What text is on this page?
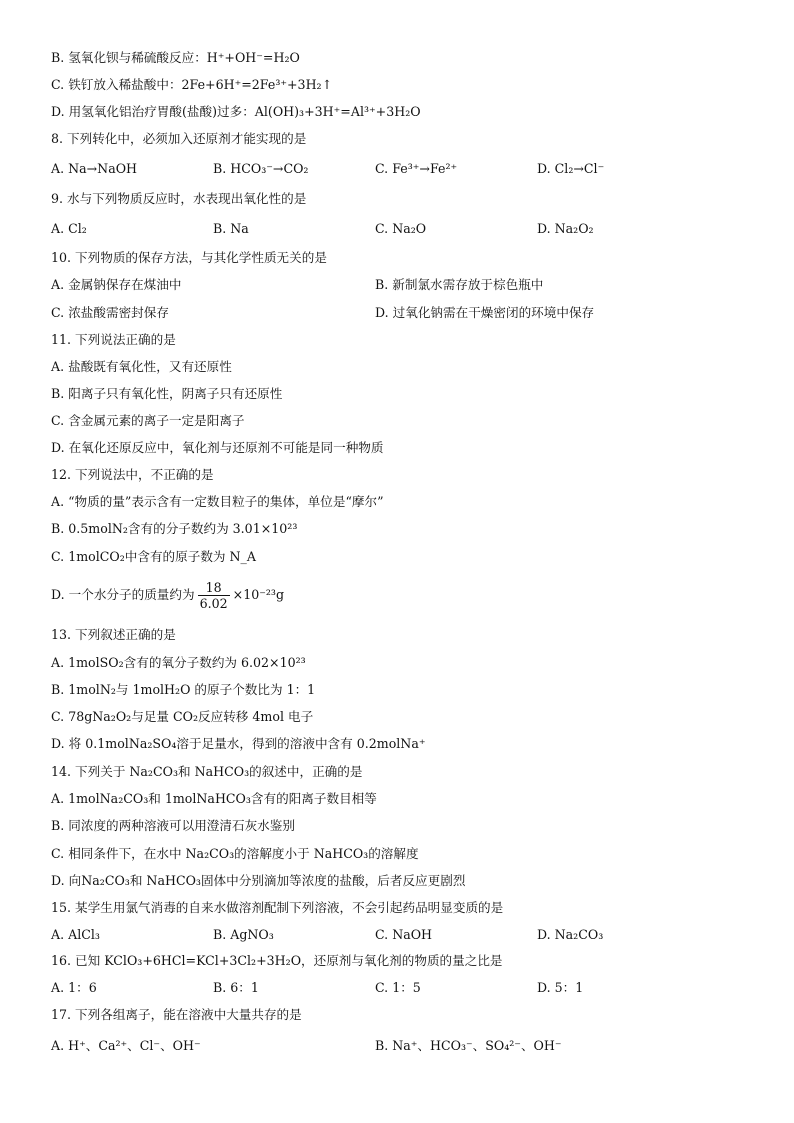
B. 氢氧化钡与稀硫酸反应：H⁺+OH⁻=H₂O
C. 铁钉放入稀盐酸中：2Fe+6H⁺=2Fe³⁺+3H₂↑
D. 用氢氧化铝治疗胃酸(盐酸)过多：Al(OH)₃+3H⁺=Al³⁺+3H₂O
8. 下列转化中，必须加入还原剂才能实现的是
A. Na→NaOH	B. HCO₃⁻→CO₂	C. Fe³⁺→Fe²⁺	D. Cl₂→Cl⁻
9. 水与下列物质反应时，水表现出氧化性的是
A. Cl₂	B. Na	C. Na₂O	D. Na₂O₂
10. 下列物质的保存方法，与其化学性质无关的是
A. 金属钠保存在煤油中	B. 新制氯水需存放于棕色瓶中
C. 浓盐酸需密封保存	D. 过氧化钠需在干燥密闭的环境中保存
11. 下列说法正确的是
A. 盐酸既有氧化性，又有还原性
B. 阳离子只有氧化性，阴离子只有还原性
C. 含金属元素的离子一定是阳离子
D. 在氧化还原反应中，氧化剂与还原剂不可能是同一种物质
12. 下列说法中，不正确的是
A. “物质的量”表示含有一定数目粒子的集体，单位是“摩尔”
B. 0.5molN₂含有的分子数约为 3.01×10²³
C. 1molCO₂中含有的原子数为 N_A
D. 一个水分子的质量约为 $\frac{18}{6.02} \times 10^{-23}g$
13. 下列叙述正确的是
A. 1molSO₂含有的氧分子数约为 6.02×10²³
B. 1molN₂与 1molH₂O 的原子个数比为 1：1
C. 78gNa₂O₂与足量 CO₂反应转移 4mol 电子
D. 将 0.1molNa₂SO₄溶于足量水，得到的溶液中含有 0.2molNa⁺
14. 下列关于 Na₂CO₃和 NaHCO₃的叙述中，正确的是
A. 1molNa₂CO₃和 1molNaHCO₃含有的阳离子数目相等
B. 同浓度的两种溶液可以用澄清石灰水鉴别
C. 相同条件下，在水中 Na₂CO₃的溶解度小于 NaHCO₃的溶解度
D. 向Na₂CO₃和 NaHCO₃固体中分别滴加等浓度的盐酸，后者反应更剧烈
15. 某学生用氯气消毒的自来水做溶剂配制下列溶液，不会引起药品明显变质的是
A. AlCl₃	B. AgNO₃	C. NaOH	D. Na₂CO₃
16. 已知 KClO₃+6HCl=KCl+3Cl₂+3H₂O，还原剂与氧化剂的物质的量之比是
A. 1：6	B. 6：1	C. 1：5	D. 5：1
17. 下列各组离子，能在溶液中大量共存的是
A. H⁺、Ca²⁺、Cl⁻、OH⁻	B. Na⁺、HCO₃⁻、SO₄²⁻、OH⁻
